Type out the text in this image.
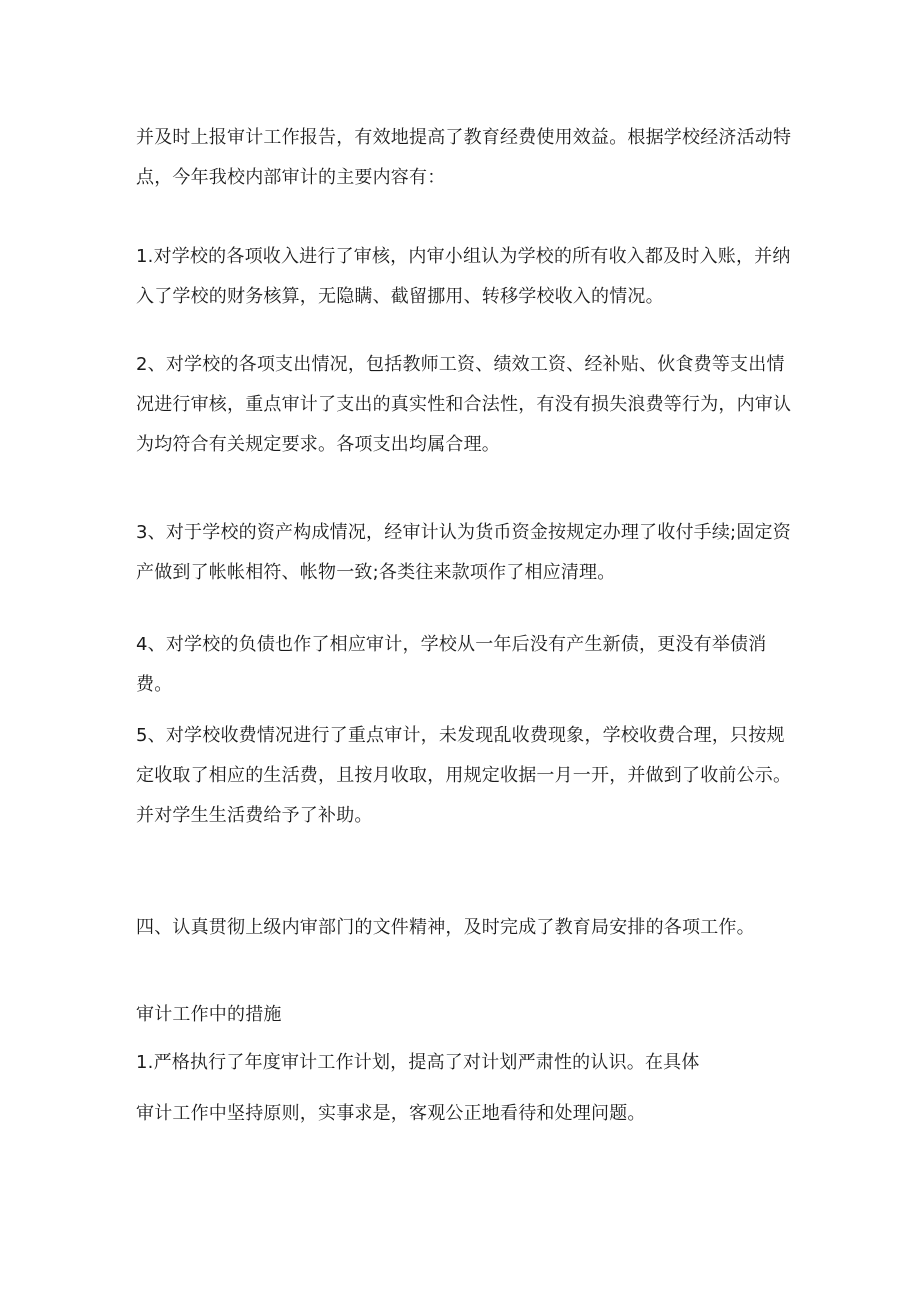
并及时上报审计工作报告，有效地提高了教育经费使用效益。根据学校经济活动特点，今年我校内部审计的主要内容有：

1.对学校的各项收入进行了审核，内审小组认为学校的所有收入都及时入账，并纳入了学校的财务核算，无隐瞒、截留挪用、转移学校收入的情况。

2、对学校的各项支出情况，包括教师工资、绩效工资、经补贴、伙食费等支出情况进行审核，重点审计了支出的真实性和合法性，有没有损失浪费等行为，内审认为均符合有关规定要求。各项支出均属合理。

3、对于学校的资产构成情况，经审计认为货币资金按规定办理了收付手续;固定资产做到了帐帐相符、帐物一致;各类往来款项作了相应清理。

4、对学校的负债也作了相应审计，学校从一年后没有产生新债，更没有举债消费。

5、对学校收费情况进行了重点审计，未发现乱收费现象，学校收费合理，只按规定收取了相应的生活费，且按月收取，用规定收据一月一开，并做到了收前公示。并对学生生活费给予了补助。

四、认真贯彻上级内审部门的文件精神，及时完成了教育局安排的各项工作。

审计工作中的措施

1.严格执行了年度审计工作计划，提高了对计划严肃性的认识。在具体

审计工作中坚持原则，实事求是，客观公正地看待和处理问题。
